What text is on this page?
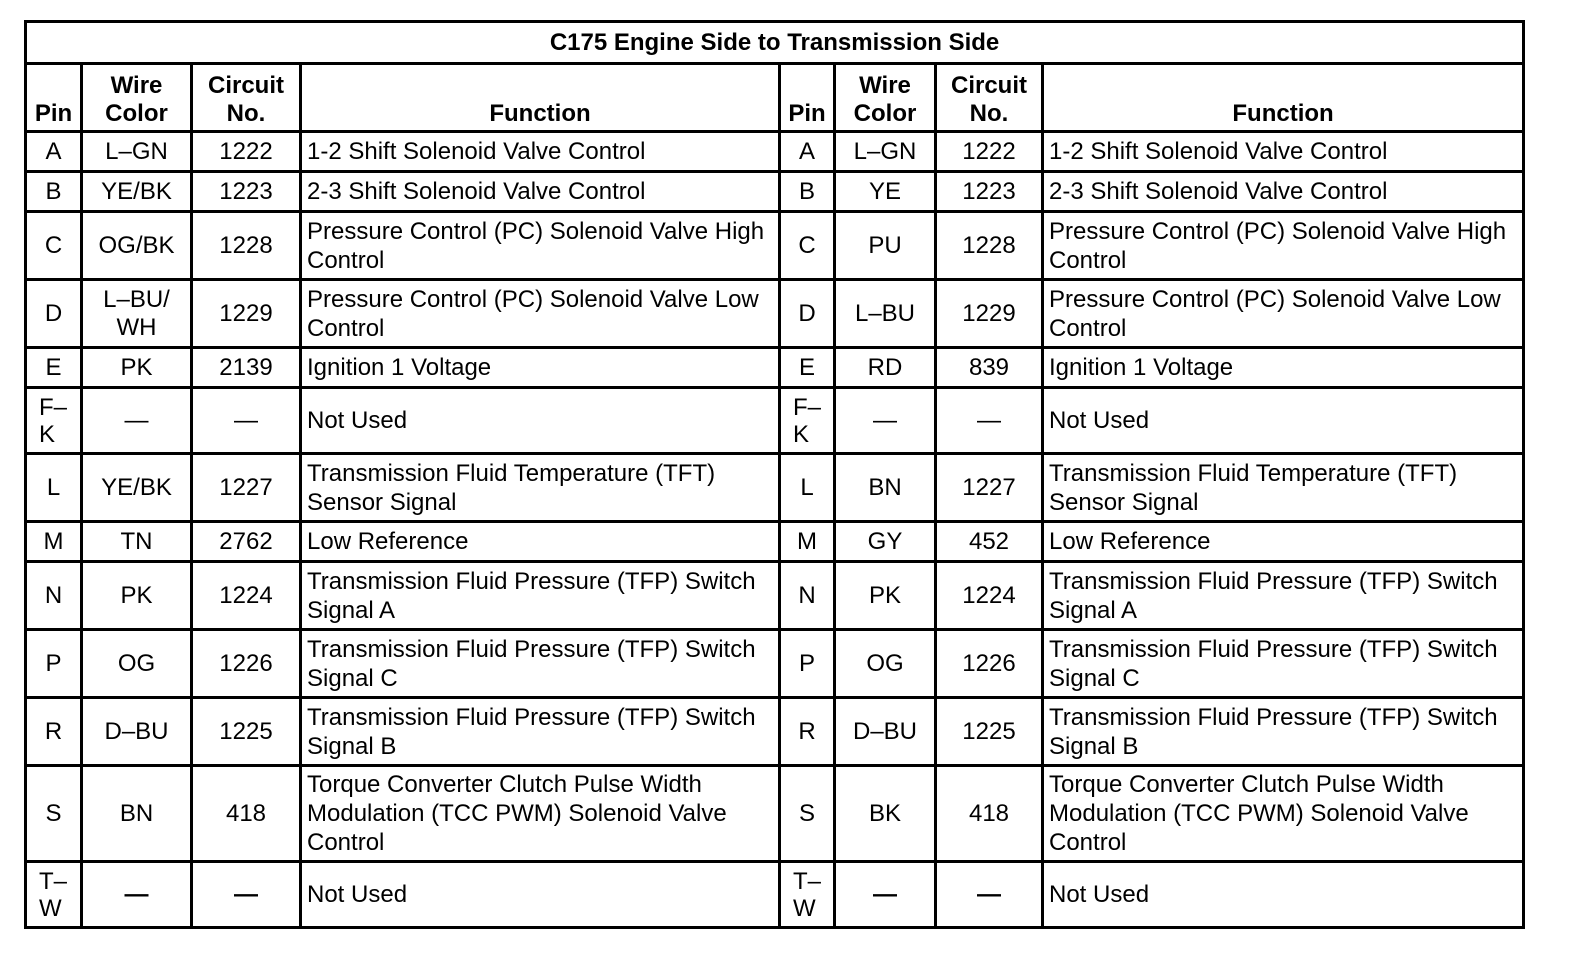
C175 Engine Side to Transmission Side							
Pin	Wire Color	Circuit No.	Function	Pin	Wire Color	Circuit No.	Function
A	L–GN	1222	1-2 Shift Solenoid Valve Control	A	L–GN	1222	1-2 Shift Solenoid Valve Control
B	YE/BK	1223	2-3 Shift Solenoid Valve Control	B	YE	1223	2-3 Shift Solenoid Valve Control
C	OG/BK	1228	Pressure Control (PC) Solenoid Valve High Control	C	PU	1228	Pressure Control (PC) Solenoid Valve High Control
D	L–BU/WH	1229	Pressure Control (PC) Solenoid Valve Low Control	D	L–BU	1229	Pressure Control (PC) Solenoid Valve Low Control
E	PK	2139	Ignition 1 Voltage	E	RD	839	Ignition 1 Voltage
F–K	—	—	Not Used	F–K	—	—	Not Used
L	YE/BK	1227	Transmission Fluid Temperature (TFT) Sensor Signal	L	BN	1227	Transmission Fluid Temperature (TFT) Sensor Signal
M	TN	2762	Low Reference	M	GY	452	Low Reference
N	PK	1224	Transmission Fluid Pressure (TFP) Switch Signal A	N	PK	1224	Transmission Fluid Pressure (TFP) Switch Signal A
P	OG	1226	Transmission Fluid Pressure (TFP) Switch Signal C	P	OG	1226	Transmission Fluid Pressure (TFP) Switch Signal C
R	D–BU	1225	Transmission Fluid Pressure (TFP) Switch Signal B	R	D–BU	1225	Transmission Fluid Pressure (TFP) Switch Signal B
S	BN	418	Torque Converter Clutch Pulse Width Modulation (TCC PWM) Solenoid Valve Control	S	BK	418	Torque Converter Clutch Pulse Width Modulation (TCC PWM) Solenoid Valve Control
T–W	—	—	Not Used	T–W	—	—	Not Used
